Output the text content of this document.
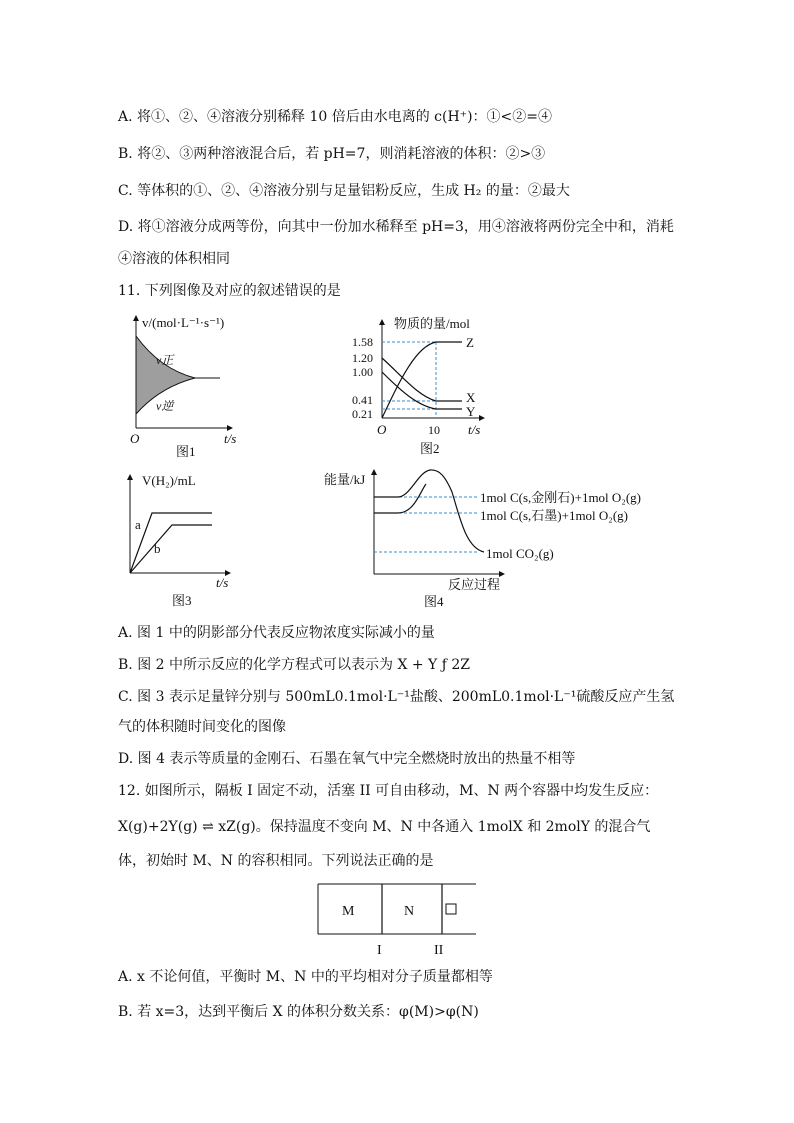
A. 将①、②、④溶液分别稀释 10 倍后由水电离的 c(H⁺)：①<②=④
B. 将②、③两种溶液混合后，若 pH=7，则消耗溶液的体积：②>③
C. 等体积的①、②、④溶液分别与足量铝粉反应，生成 H₂ 的量：②最大
D. 将①溶液分成两等份，向其中一份加水稀释至 pH=3，用④溶液将两份完全中和，消耗
④溶液的体积相同
11. 下列图像及对应的叙述错误的是
v/(mol·L⁻¹·s⁻¹)
v正
v逆
O	t/s
图1
物质的量/mol
1.58
1.20
1.00
0.41
0.21
Z
X
Y
O	10 t/s
图2
V(H₂)/mL
a
b
t/s
图3
能量/kJ
1mol C(s,金刚石)+1mol O₂(g)
1mol C(s,石墨)+1mol O₂(g)
1mol CO₂(g)
反应过程
图4
A. 图 1 中的阴影部分代表反应物浓度实际减小的量
B. 图 2 中所示反应的化学方程式可以表示为 X + Y ƒ 2Z
C. 图 3 表示足量锌分别与 500mL0.1mol·L⁻¹盐酸、200mL0.1mol·L⁻¹硫酸反应产生氢
气的体积随时间变化的图像
D. 图 4 表示等质量的金刚石、石墨在氧气中完全燃烧时放出的热量不相等
12. 如图所示，隔板 I 固定不动，活塞 II 可自由移动，M、N 两个容器中均发生反应：
X(g)+2Y(g) ⇌ xZ(g)。保持温度不变向 M、N 中各通入 1molX 和 2molY 的混合气
体，初始时 M、N 的容积相同。下列说法正确的是
M	N
I	II
A. x 不论何值，平衡时 M、N 中的平均相对分子质量都相等
B. 若 x=3，达到平衡后 X 的体积分数关系：φ(M)>φ(N)
